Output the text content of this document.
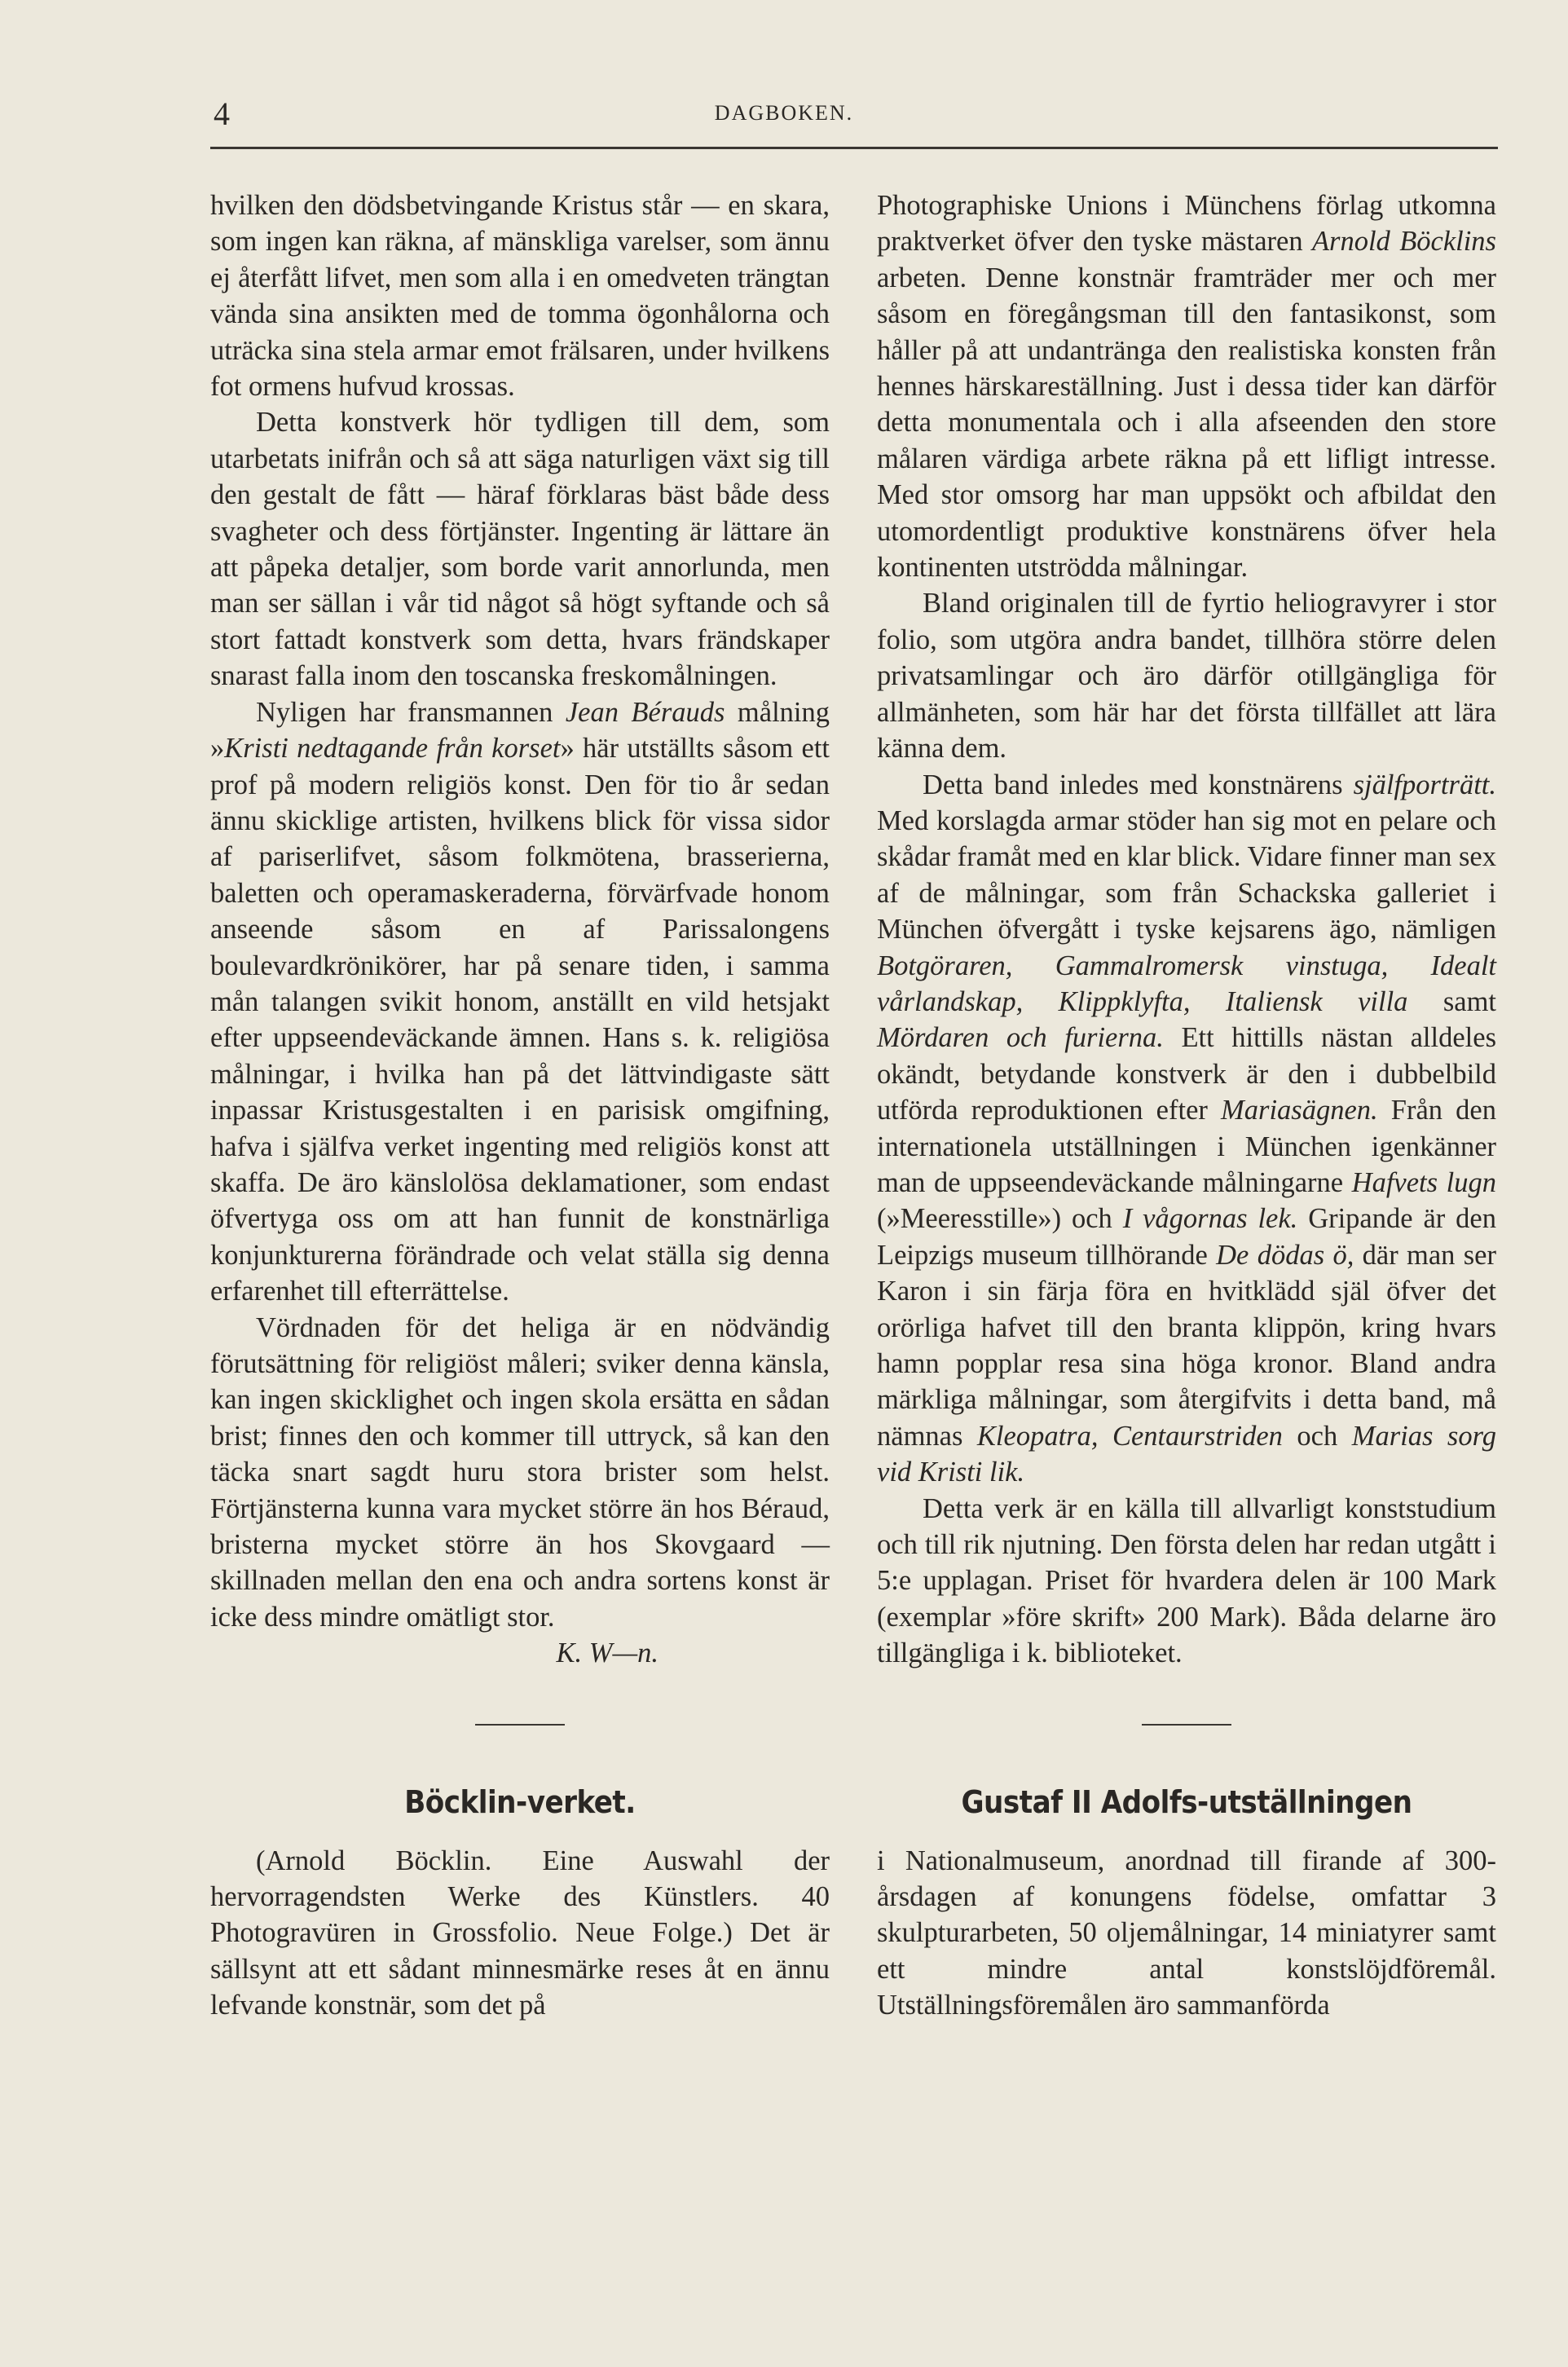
4	DAGBOKEN.

hvilken den dödsbetvingande Kristus står — en skara, som ingen kan räkna, af mänskliga varelser, som ännu ej återfått lifvet, men som alla i en omedveten trängtan vända sina ansikten med de tomma ögonhålorna och uträcka sina stela armar emot frälsaren, under hvilkens fot ormens hufvud krossas.

Detta konstverk hör tydligen till dem, som utarbetats inifrån och så att säga naturligen växt sig till den gestalt de fått — häraf förklaras bäst både dess svagheter och dess förtjänster. Ingenting är lättare än att påpeka detaljer, som borde varit annorlunda, men man ser sällan i vår tid något så högt syftande och så stort fattadt konstverk som detta, hvars frändskaper snarast falla inom den toscanska freskomålningen.

Nyligen har fransmannen Jean Bérauds målning »Kristi nedtagande från korset» här utställts såsom ett prof på modern religiös konst. Den för tio år sedan ännu skicklige artisten, hvilkens blick för vissa sidor af pariserlifvet, såsom folkmötena, brasserierna, baletten och operamaskeraderna, förvärfvade honom anseende såsom en af Parissalongens boulevardkrönikörer, har på senare tiden, i samma mån talangen svikit honom, anställt en vild hetsjakt efter uppseendeväckande ämnen. Hans s. k. religiösa målningar, i hvilka han på det lättvindigaste sätt inpassar Kristusgestalten i en parisisk omgifning, hafva i själfva verket ingenting med religiös konst att skaffa. De äro känslolösa deklamationer, som endast öfvertyga oss om att han funnit de konstnärliga konjunkturerna förändrade och velat ställa sig denna erfarenhet till efterrättelse.

Vördnaden för det heliga är en nödvändig förutsättning för religiöst måleri; sviker denna känsla, kan ingen skicklighet och ingen skola ersätta en sådan brist; finnes den och kommer till uttryck, så kan den täcka snart sagdt huru stora brister som helst. Förtjänsterna kunna vara mycket större än hos Béraud, bristerna mycket större än hos Skovgaard — skillnaden mellan den ena och andra sortens konst är icke dess mindre omätligt stor.

K. W—n.

Böcklin-verket.

(Arnold Böcklin. Eine Auswahl der hervorragendsten Werke des Künstlers. 40 Photogravüren in Grossfolio. Neue Folge.) Det är sällsynt att ett sådant minnesmärke reses åt en ännu lefvande konstnär, som det på

Photographiske Unions i Münchens förlag utkomna praktverket öfver den tyske mästaren Arnold Böcklins arbeten. Denne konstnär framträder mer och mer såsom en föregångsman till den fantasikonst, som håller på att undantränga den realistiska konsten från hennes härskareställning. Just i dessa tider kan därför detta monumentala och i alla afseenden den store målaren värdiga arbete räkna på ett lifligt intresse. Med stor omsorg har man uppsökt och afbildat den utomordentligt produktive konstnärens öfver hela kontinenten utströdda målningar.

Bland originalen till de fyrtio heliogravyrer i stor folio, som utgöra andra bandet, tillhöra större delen privatsamlingar och äro därför otillgängliga för allmänheten, som här har det första tillfället att lära känna dem.

Detta band inledes med konstnärens själfporträtt. Med korslagda armar stöder han sig mot en pelare och skådar framåt med en klar blick. Vidare finner man sex af de målningar, som från Schackska galleriet i München öfvergått i tyske kejsarens ägo, nämligen Botgöraren, Gammalromersk vinstuga, Idealt vårlandskap, Klippklyfta, Italiensk villa samt Mördaren och furierna. Ett hittills nästan alldeles okändt, betydande konstverk är den i dubbelbild utförda reproduktionen efter Mariasägnen. Från den internationela utställningen i München igenkänner man de uppseendeväckande målningarne Hafvets lugn (»Meeresstille») och I vågornas lek. Gripande är den Leipzigs museum tillhörande De dödas ö, där man ser Karon i sin färja föra en hvitklädd själ öfver det orörliga hafvet till den branta klippön, kring hvars hamn popplar resa sina höga kronor. Bland andra märkliga målningar, som återgifvits i detta band, må nämnas Kleopatra, Centaurstriden och Marias sorg vid Kristi lik.

Detta verk är en källa till allvarligt konststudium och till rik njutning. Den första delen har redan utgått i 5:e upplagan. Priset för hvardera delen är 100 Mark (exemplar »före skrift» 200 Mark). Båda delarne äro tillgängliga i k. biblioteket.

Gustaf II Adolfs-utställningen

i Nationalmuseum, anordnad till firande af 300-årsdagen af konungens födelse, omfattar 3 skulpturarbeten, 50 oljemålningar, 14 miniatyrer samt ett mindre antal konstslöjdföremål. Utställningsföremålen äro sammanförda
